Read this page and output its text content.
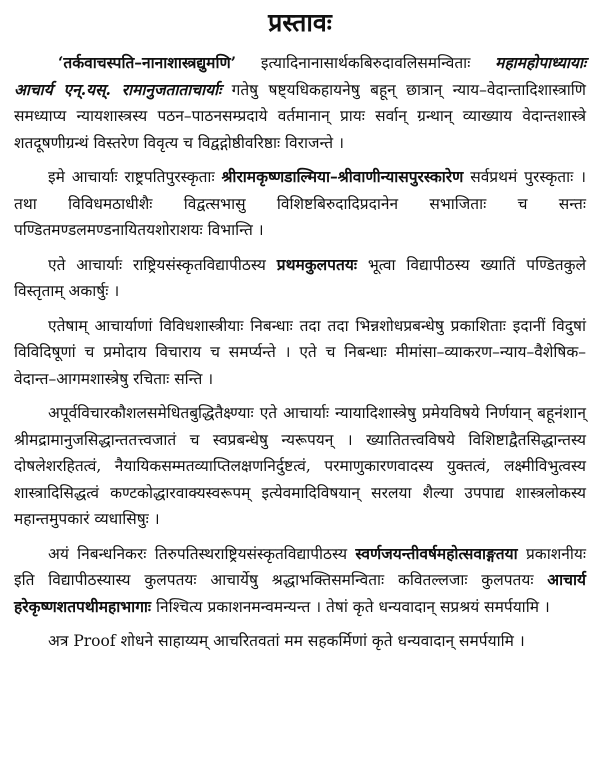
प्रस्तावः

‘तर्कवाचस्पति–नानाशास्त्रद्युमणि’ इत्यादिनानासार्थकबिरुदावलिसमन्विताः महामहोपाध्यायाः आचार्य एन्.यस्. रामानुजताताचार्याः गतेषु षष्ट्यधिकहायनेषु बहून् छात्रान् न्याय–वेदान्तादिशास्त्राणि समध्याप्य न्यायशास्त्रस्य पठन–पाठनसम्प्रदाये वर्तमानान् प्रायः सर्वान् ग्रन्थान् व्याख्याय वेदान्तशास्त्रे शतदूषणीग्रन्थं विस्तरेण विवृत्य च विद्वद्गोष्ठीवरिष्ठाः विराजन्ते ।

इमे आचार्याः राष्ट्रपतिपुरस्कृताः श्रीरामकृष्णडाल्मिया–श्रीवाणीन्यासपुरस्कारेण सर्वप्रथमं पुरस्कृताः । तथा विविधमठाधीशैः विद्वत्सभासु विशिष्टबिरुदादिप्रदानेन सभाजिताः च सन्तः पण्डितमण्डलमण्डनायितयशोराशयः विभान्ति ।

एते आचार्याः राष्ट्रियसंस्कृतविद्यापीठस्य प्रथमकुलपतयः भूत्वा विद्यापीठस्य ख्यातिं पण्डितकुले विस्तृताम् अकार्षुः ।

एतेषाम् आचार्याणां विविधशास्त्रीयाः निबन्धाः तदा तदा भिन्नशोधप्रबन्धेषु प्रकाशिताः इदानीं विदुषां विविदिषूणां च प्रमोदाय विचाराय च समर्प्यन्ते । एते च निबन्धाः मीमांसा–व्याकरण–न्याय–वैशेषिक–वेदान्त–आगमशास्त्रेषु रचिताः सन्ति ।

अपूर्वविचारकौशलसमेधितबुद्धितैक्ष्ण्याः एते आचार्याः न्यायादिशास्त्रेषु प्रमेयविषये निर्णयान् बहूनंशान् श्रीमद्रामानुजसिद्धान्ततत्त्वजातं च स्वप्रबन्धेषु न्यरूपयन् । ख्यातितत्त्वविषये विशिष्टाद्वैतसिद्धान्तस्य दोषलेशरहितत्वं, नैयायिकसम्मतव्याप्तिलक्षणनिर्दुष्टत्वं, परमाणुकारणवादस्य युक्तत्वं, लक्ष्मीविभुत्वस्य शास्त्रादिसिद्धत्वं कण्टकोद्धारवाक्यस्वरूपम् इत्येवमादिविषयान् सरलया शैल्या उपपाद्य शास्त्रलोकस्य महान्तमुपकारं व्यधासिषुः ।

अयं निबन्धनिकरः तिरुपतिस्थराष्ट्रियसंस्कृतविद्यापीठस्य स्वर्णजयन्तीवर्षमहोत्सवाङ्गतया प्रकाशनीयः इति विद्यापीठस्यास्य कुलपतयः आचार्येषु श्रद्धाभक्तिसमन्विताः कवितल्लजाः कुलपतयः आचार्य हरेकृष्णशतपथीमहाभागाः निश्चित्य प्रकाशनमन्वमन्यन्त । तेषां कृते धन्यवादान् सप्रश्रयं समर्पयामि ।

अत्र Proof शोधने साहाय्यम् आचरितवतां मम सहकर्मिणां कृते धन्यवादान् समर्पयामि ।
